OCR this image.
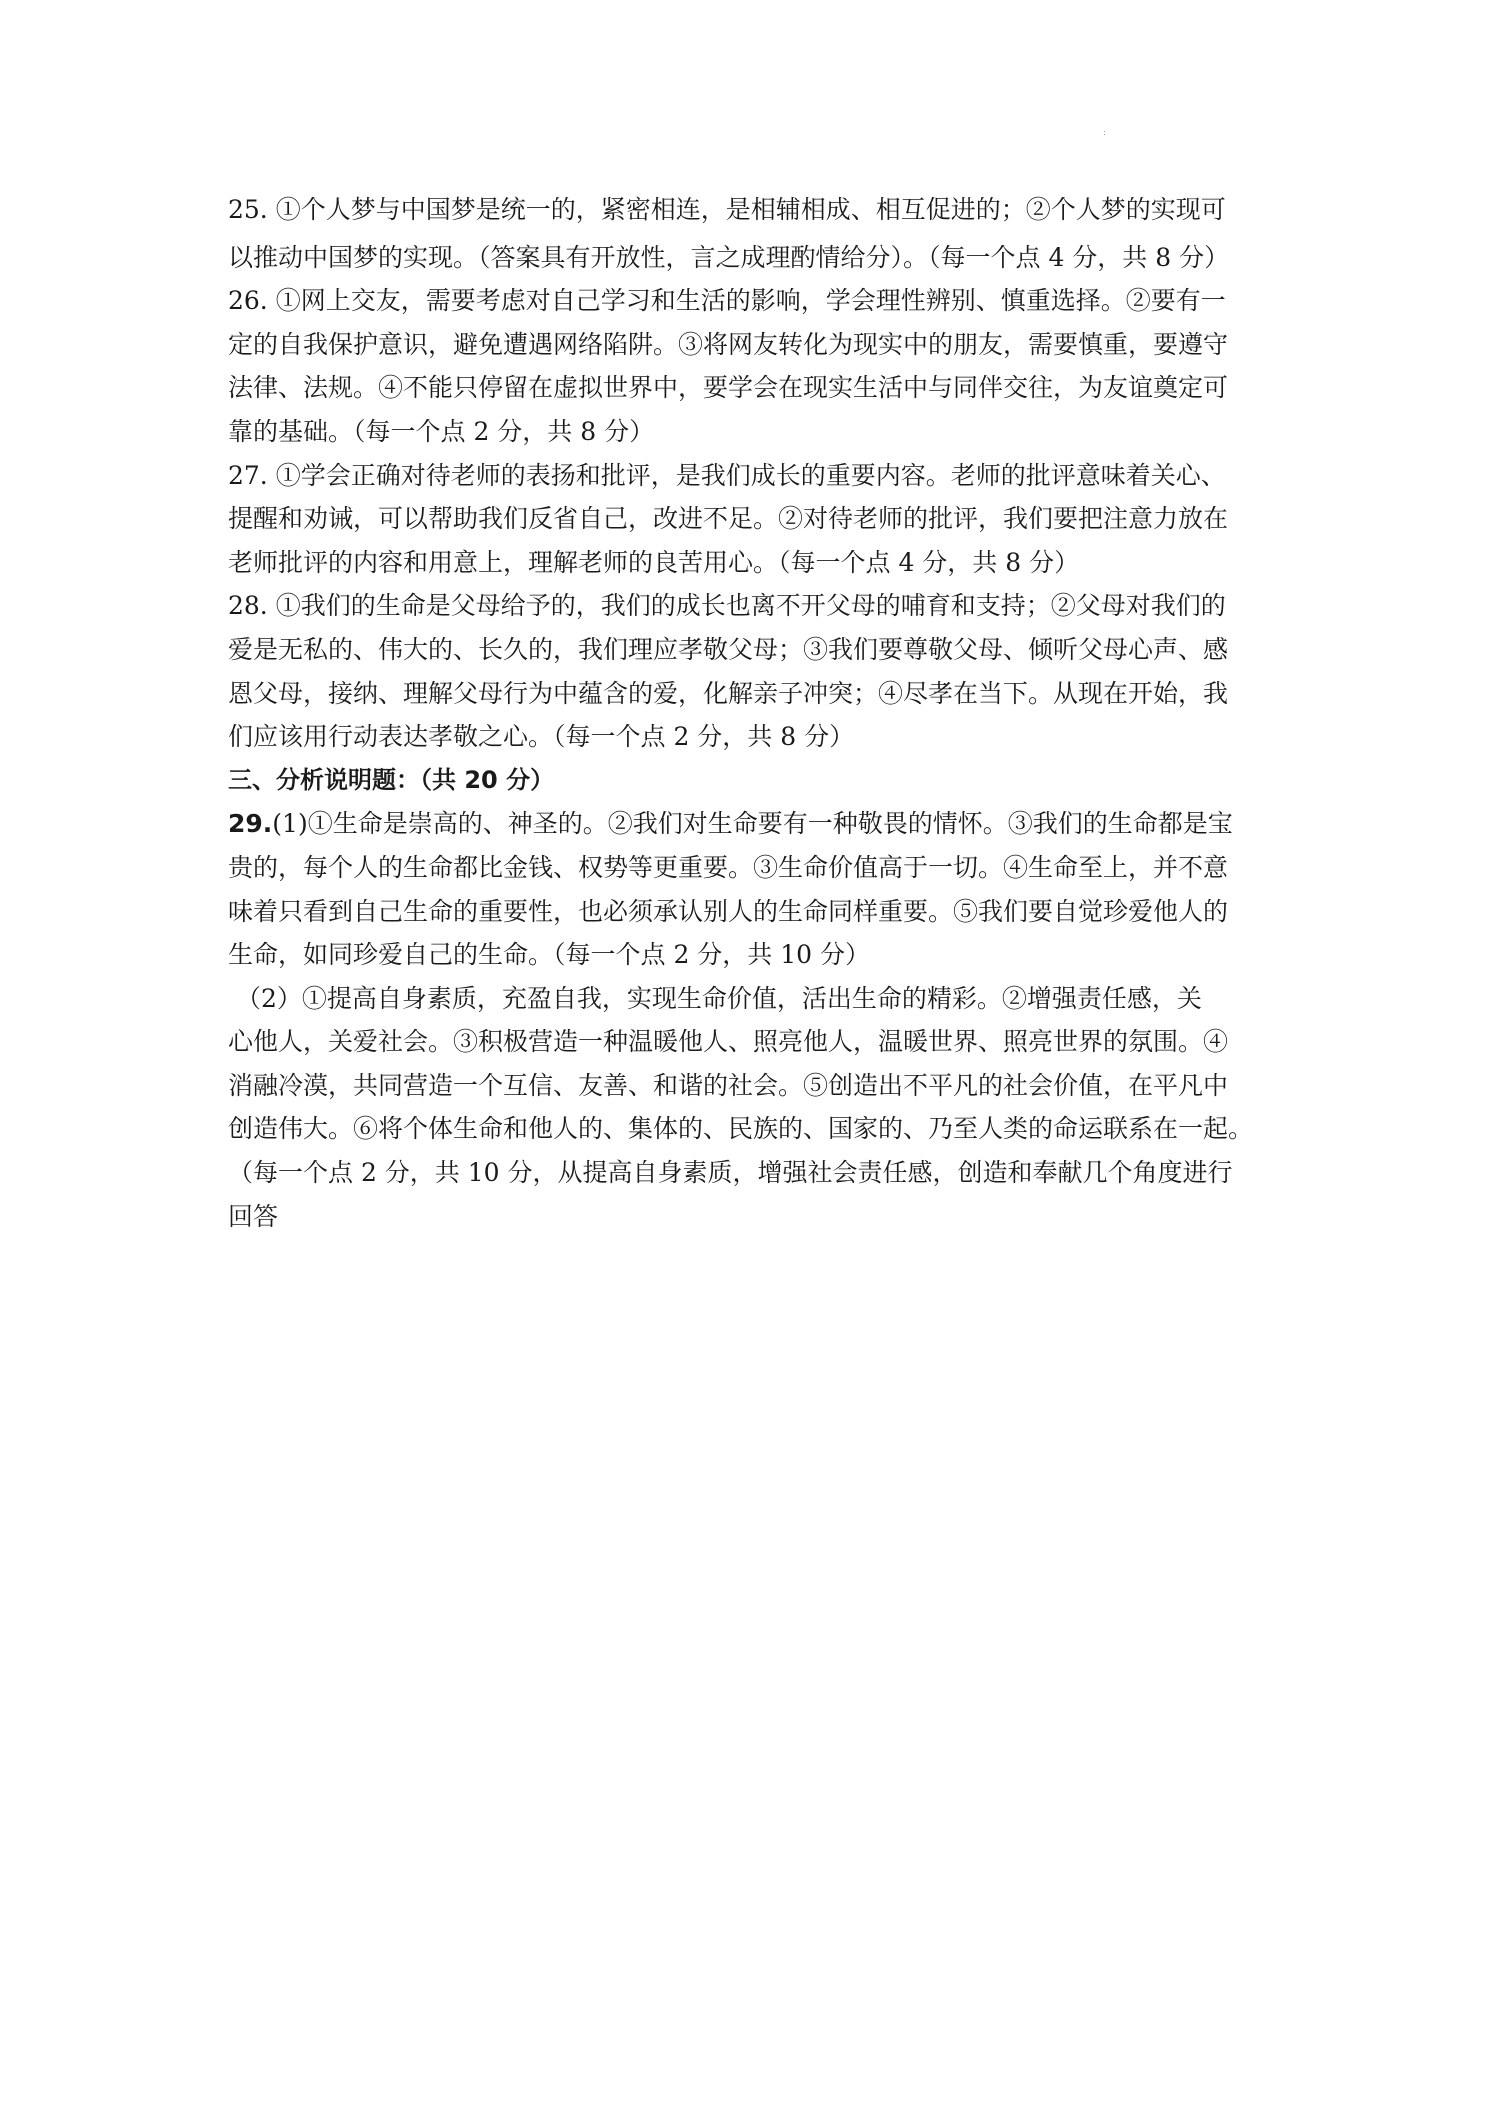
:

25. ①个人梦与中国梦是统一的，紧密相连，是相辅相成、相互促进的；②个人梦的实现可

以推动中国梦的实现。（答案具有开放性，言之成理酌情给分）。（每一个点 4 分，共 8 分）

26. ①网上交友，需要考虑对自己学习和生活的影响，学会理性辨别、慎重选择。②要有一

定的自我保护意识，避免遭遇网络陷阱。③将网友转化为现实中的朋友，需要慎重，要遵守

法律、法规。④不能只停留在虚拟世界中，要学会在现实生活中与同伴交往，为友谊奠定可

靠的基础。（每一个点 2 分，共 8 分）

27. ①学会正确对待老师的表扬和批评，是我们成长的重要内容。老师的批评意味着关心、

提醒和劝诫，可以帮助我们反省自己，改进不足。②对待老师的批评，我们要把注意力放在

老师批评的内容和用意上，理解老师的良苦用心。（每一个点 4 分，共 8 分）

28. ①我们的生命是父母给予的，我们的成长也离不开父母的哺育和支持；②父母对我们的

爱是无私的、伟大的、长久的，我们理应孝敬父母；③我们要尊敬父母、倾听父母心声、感

恩父母，接纳、理解父母行为中蕴含的爱，化解亲子冲突；④尽孝在当下。从现在开始，我

们应该用行动表达孝敬之心。（每一个点 2 分，共 8 分）

三、分析说明题：（共 20 分）

29.(1)①生命是崇高的、神圣的。②我们对生命要有一种敬畏的情怀。③我们的生命都是宝

贵的，每个人的生命都比金钱、权势等更重要。③生命价值高于一切。④生命至上，并不意

味着只看到自己生命的重要性，也必须承认别人的生命同样重要。⑤我们要自觉珍爱他人的

生命，如同珍爱自己的生命。（每一个点 2 分，共 10 分）

（2）①提高自身素质，充盈自我，实现生命价值，活出生命的精彩。②增强责任感，关

心他人，关爱社会。③积极营造一种温暖他人、照亮他人，温暖世界、照亮世界的氛围。④

消融冷漠，共同营造一个互信、友善、和谐的社会。⑤创造出不平凡的社会价值，在平凡中

创造伟大。⑥将个体生命和他人的、集体的、民族的、国家的、乃至人类的命运联系在一起。

（每一个点 2 分，共 10 分，从提高自身素质，增强社会责任感，创造和奉献几个角度进行

回答
